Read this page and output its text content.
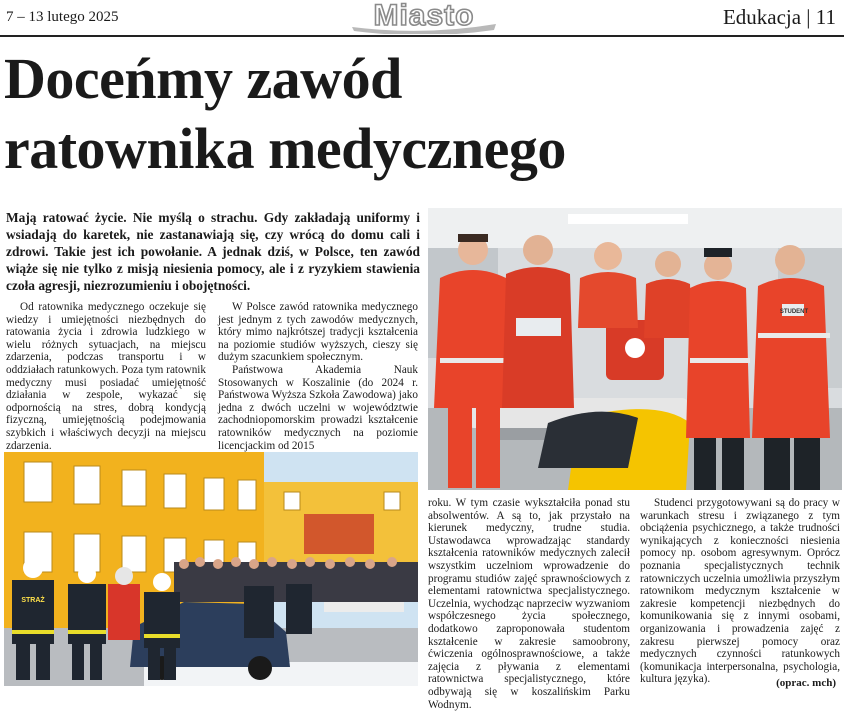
7 – 13 lutego 2025	Miasto	Edukacja | 11
Doceńmy zawód
ratownika medycznego
Mają ratować życie. Nie myślą o strachu. Gdy zakładają uniformy i wsiadają do karetek, nie zastanawiają się, czy wrócą do domu cali i zdrowi. Takie jest ich powołanie. A jednak dziś, w Polsce, ten zawód wiąże się nie tylko z misją niesienia pomocy, ale i z ryzykiem stawienia czoła agresji, niezrozumieniu i obojętności.
STUDENT
STRAŻ

Od ratownika medycznego oczekuje się wiedzy i umiejętności niezbędnych do ratowania życia i zdrowia ludzkiego w wielu różnych sytuacjach, na miejscu zdarzenia, podczas transportu i w oddziałach ratunkowych. Poza tym ratownik medyczny musi posiadać umiejętność działania w zespole, wykazać się odpornością na stres, dobrą kondycją fizyczną, umiejętnością podejmowania szybkich i właściwych decyzji na miejscu zdarzenia.

W Polsce zawód ratownika medycznego jest jednym z tych zawodów medycznych, który mimo najkrótszej tradycji kształcenia na poziomie studiów wyższych, cieszy się dużym szacunkiem społecznym.

Państwowa Akademia Nauk Stosowanych w Koszalinie (do 2024 r. Państwowa Wyższa Szkoła Zawodowa) jako jedna z dwóch uczelni w województwie zachodniopomorskim prowadzi kształcenie ratowników medycznych na poziomie licencjackim od 2015

roku. W tym czasie wykształciła ponad stu absolwentów. A są to, jak przystało na kierunek medyczny, trudne studia. Ustawodawca wprowadzając standardy kształcenia ratowników medycznych zalecił wszystkim uczelniom wprowadzenie do programu studiów zajęć sprawnościowych z elementami ratownictwa specjalistycznego. Uczelnia, wychodząc naprzeciw wyzwaniom współczesnego życia społecznego, dodatkowo zaproponowała studentom kształcenie w zakresie samoobrony, ćwiczenia ogólnosprawnościowe, a także zajęcia z pływania z elementami ratownictwa specjalistycznego, które odbywają się w koszalińskim Parku Wodnym.

Studenci przygotowywani są do pracy w warunkach stresu i związanego z tym obciążenia psychicznego, a także trudności wynikających z konieczności niesienia pomocy np. osobom agresywnym. Oprócz poznania specjalistycznych technik ratowniczych uczelnia umożliwia przyszłym ratownikom medycznym kształcenie w zakresie kompetencji niezbędnych do komunikowania się z innymi osobami, organizowania i prowadzenia zajęć z zakresu pierwszej pomocy oraz medycznych czynności ratunkowych (komunikacja interpersonalna, psychologia, kultura języka).	(oprac. mch)
